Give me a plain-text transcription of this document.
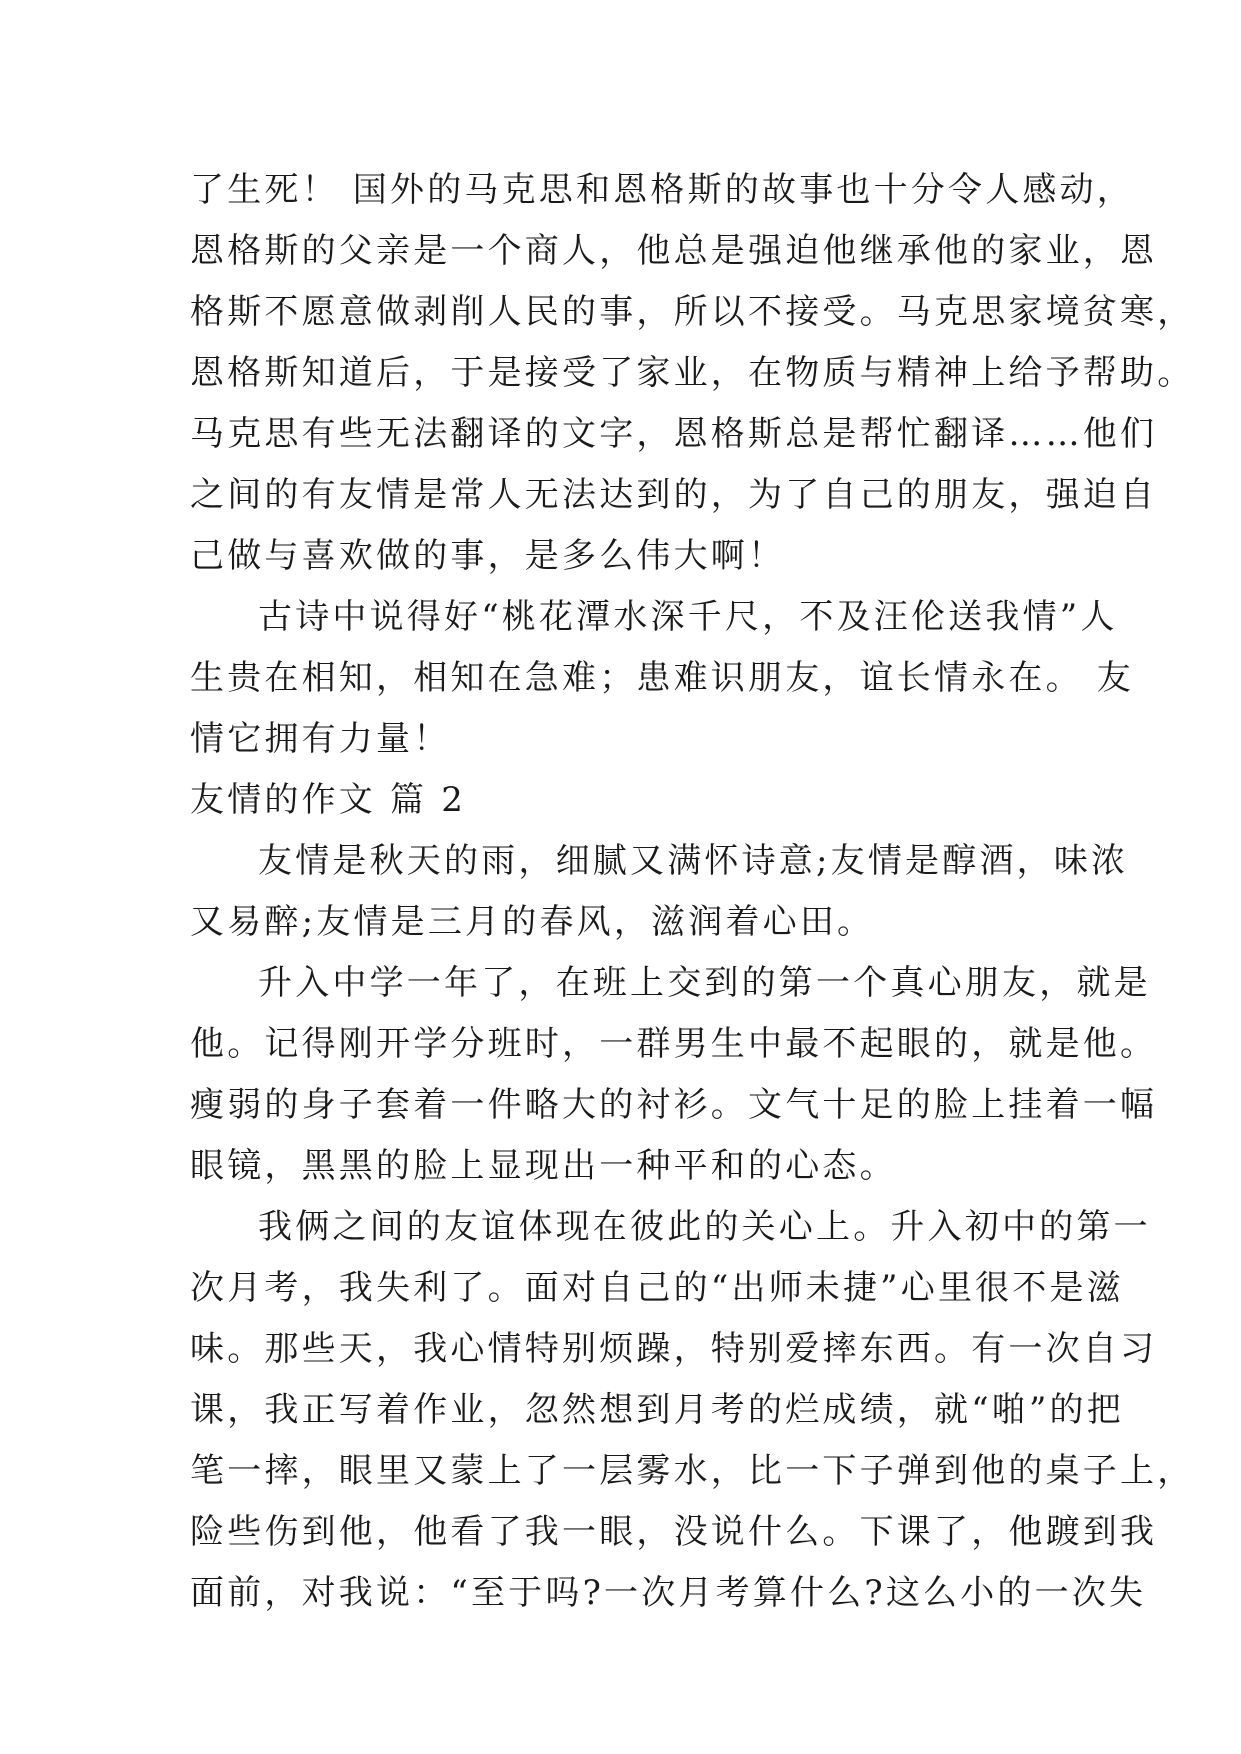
了生死！ 国外的马克思和恩格斯的故事也十分令人感动，
恩格斯的父亲是一个商人，他总是强迫他继承他的家业，恩
格斯不愿意做剥削人民的事，所以不接受。马克思家境贫寒，
恩格斯知道后，于是接受了家业，在物质与精神上给予帮助。
马克思有些无法翻译的文字，恩格斯总是帮忙翻译……他们
之间的有友情是常人无法达到的，为了自己的朋友，强迫自
己做与喜欢做的事，是多么伟大啊！
古诗中说得好“桃花潭水深千尺，不及汪伦送我情”人
生贵在相知，相知在急难；患难识朋友，谊长情永在。 友
情它拥有力量！
友情的作文 篇 2
友情是秋天的雨，细腻又满怀诗意;友情是醇酒，味浓
又易醉;友情是三月的春风，滋润着心田。
升入中学一年了，在班上交到的第一个真心朋友，就是
他。记得刚开学分班时，一群男生中最不起眼的，就是他。
瘦弱的身子套着一件略大的衬衫。文气十足的脸上挂着一幅
眼镜，黑黑的脸上显现出一种平和的心态。
我俩之间的友谊体现在彼此的关心上。升入初中的第一
次月考，我失利了。面对自己的“出师未捷”心里很不是滋
味。那些天，我心情特别烦躁，特别爱摔东西。有一次自习
课，我正写着作业，忽然想到月考的烂成绩，就“啪”的把
笔一摔，眼里又蒙上了一层雾水，比一下子弹到他的桌子上，
险些伤到他，他看了我一眼，没说什么。下课了，他踱到我
面前，对我说：“至于吗?一次月考算什么?这么小的一次失
